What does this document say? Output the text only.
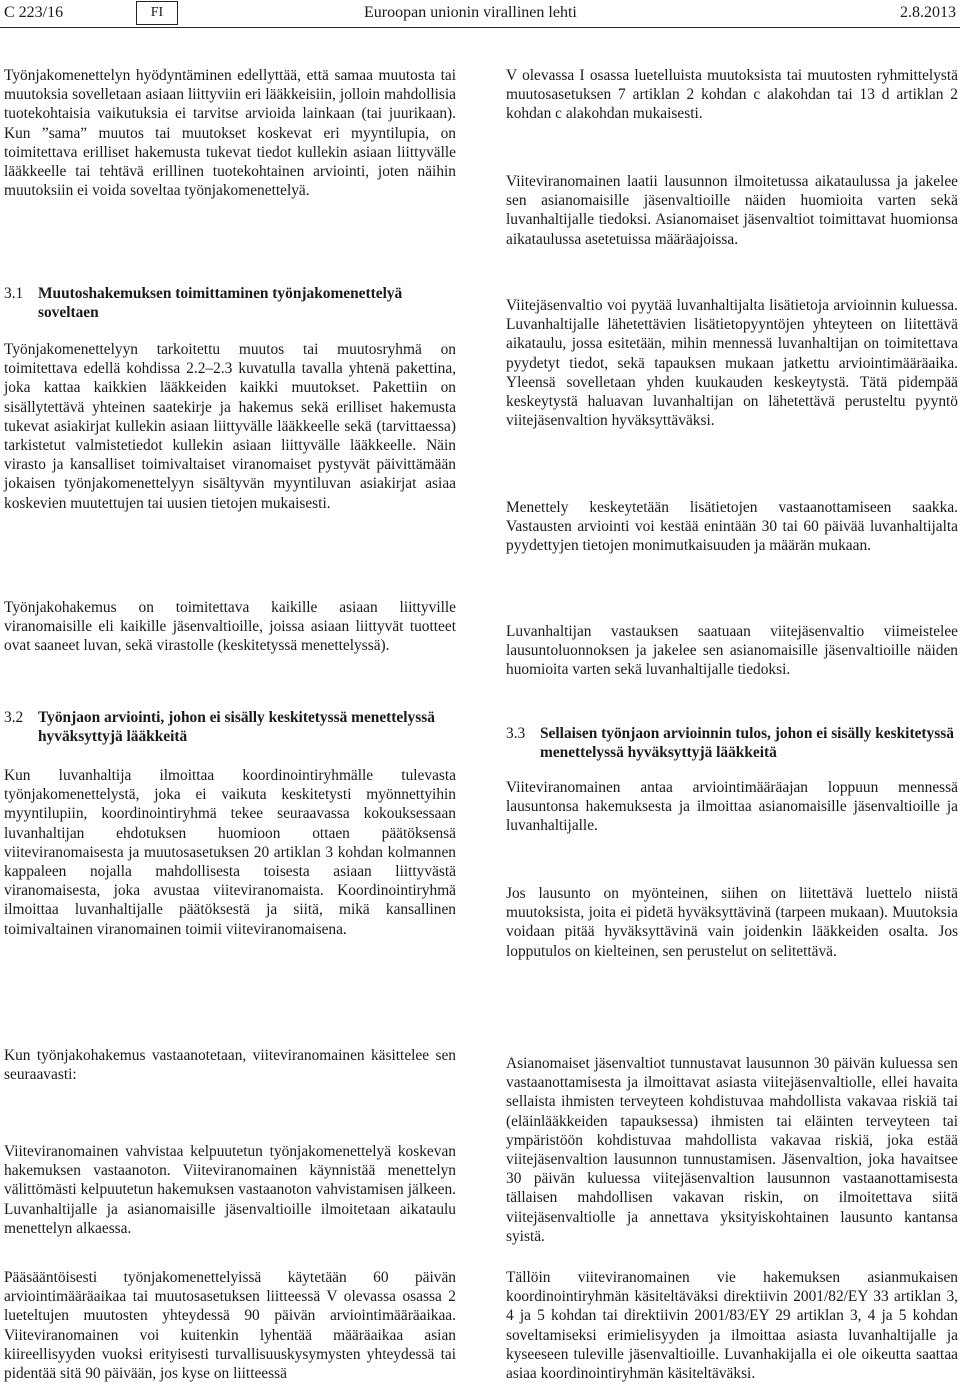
C 223/16	FI	Euroopan unionin virallinen lehti	2.8.2013

Työnjakomenettelyn hyödyntäminen edellyttää, että samaa muutosta tai muutoksia sovelletaan asiaan liittyviin eri lääkkeisiin, jolloin mahdollisia tuotekohtaisia vaikutuksia ei tarvitse arvioida lainkaan (tai juurikaan). Kun ”sama” muutos tai muutokset koskevat eri myyntilupia, on toimitettava erilliset hakemusta tukevat tiedot kullekin asiaan liittyvälle lääkkeelle tai tehtävä erillinen tuotekohtainen arviointi, joten näihin muutoksiin ei voida soveltaa työnjakomenettelyä.

3.1 Muutoshakemuksen toimittaminen työnjakomenettelyä soveltaen

Työnjakomenettelyyn tarkoitettu muutos tai muutosryhmä on toimitettava edellä kohdissa 2.2–2.3 kuvatulla tavalla yhtenä pakettina, joka kattaa kaikkien lääkkeiden kaikki muutokset. Pakettiin on sisällytettävä yhteinen saatekirje ja hakemus sekä erilliset hakemusta tukevat asiakirjat kullekin asiaan liittyvälle lääkkeelle sekä (tarvittaessa) tarkistetut valmistetiedot kullekin asiaan liittyvälle lääkkeelle. Näin virasto ja kansalliset toimivaltaiset viranomaiset pystyvät päivittämään jokaisen työnjakomenettelyyn sisältyvän myyntiluvan asiakirjat asiaa koskevien muutettujen tai uusien tietojen mukaisesti.

Työnjakohakemus on toimitettava kaikille asiaan liittyville viranomaisille eli kaikille jäsenvaltioille, joissa asiaan liittyvät tuotteet ovat saaneet luvan, sekä virastolle (keskitetyssä menettelyssä).

3.2 Työnjaon arviointi, johon ei sisälly keskitetyssä menettelyssä hyväksyttyjä lääkkeitä

Kun luvanhaltija ilmoittaa koordinointiryhmälle tulevasta työnjakomenettelystä, joka ei vaikuta keskitetysti myönnettyihin myyntilupiin, koordinointiryhmä tekee seuraavassa kokouksessaan luvanhaltijan ehdotuksen huomioon ottaen päätöksensä viiteviranomaisesta ja muutosasetuksen 20 artiklan 3 kohdan kolmannen kappaleen nojalla mahdollisesta toisesta asiaan liittyvästä viranomaisesta, joka avustaa viiteviranomaista. Koordinointiryhmä ilmoittaa luvanhaltijalle päätöksestä ja siitä, mikä kansallinen toimivaltainen viranomainen toimii viiteviranomaisena.

Kun työnjakohakemus vastaanotetaan, viiteviranomainen käsittelee sen seuraavasti:

Viiteviranomainen vahvistaa kelpuutetun työnjakomenettelyä koskevan hakemuksen vastaanoton. Viiteviranomainen käynnistää menettelyn välittömästi kelpuutetun hakemuksen vastaanoton vahvistamisen jälkeen. Luvanhaltijalle ja asianomaisille jäsenvaltioille ilmoitetaan aikataulu menettelyn alkaessa.

Pääsääntöisesti työnjakomenettelyissä käytetään 60 päivän arviointimääräaikaa tai muutosasetuksen liitteessä V olevassa osassa 2 lueteltujen muutosten yhteydessä 90 päivän arviointimääräaikaa. Viiteviranomainen voi kuitenkin lyhentää määräaikaa asian kiireellisyyden vuoksi erityisesti turvallisuuskysymysten yhteydessä tai pidentää sitä 90 päivään, jos kyse on liitteessä

V olevassa I osassa luetelluista muutoksista tai muutosten ryhmittelystä muutosasetuksen 7 artiklan 2 kohdan c alakohdan tai 13 d artiklan 2 kohdan c alakohdan mukaisesti.

Viiteviranomainen laatii lausunnon ilmoitetussa aikataulussa ja jakelee sen asianomaisille jäsenvaltioille näiden huomioita varten sekä luvanhaltijalle tiedoksi. Asianomaiset jäsenvaltiot toimittavat huomionsa aikataulussa asetetuissa määräajoissa.

Viitejäsenvaltio voi pyytää luvanhaltijalta lisätietoja arvioinnin kuluessa. Luvanhaltijalle lähetettävien lisätietopyyntöjen yhteyteen on liitettävä aikataulu, jossa esitetään, mihin mennessä luvanhaltijan on toimitettava pyydetyt tiedot, sekä tapauksen mukaan jatkettu arviointimääräaika. Yleensä sovelletaan yhden kuukauden keskeytystä. Tätä pidempää keskeytystä haluavan luvanhaltijan on lähetettävä perusteltu pyyntö viitejäsenvaltion hyväksyttäväksi.

Menettely keskeytetään lisätietojen vastaanottamiseen saakka. Vastausten arviointi voi kestää enintään 30 tai 60 päivää luvanhaltijalta pyydettyjen tietojen monimutkaisuuden ja määrän mukaan.

Luvanhaltijan vastauksen saatuaan viitejäsenvaltio viimeistelee lausuntoluonnoksen ja jakelee sen asianomaisille jäsenvaltioille näiden huomioita varten sekä luvanhaltijalle tiedoksi.

3.3 Sellaisen työnjaon arvioinnin tulos, johon ei sisälly keskitetyssä menettelyssä hyväksyttyjä lääkkeitä

Viiteviranomainen antaa arviointimääräajan loppuun mennessä lausuntonsa hakemuksesta ja ilmoittaa asianomaisille jäsenvaltioille ja luvanhaltijalle.

Jos lausunto on myönteinen, siihen on liitettävä luettelo niistä muutoksista, joita ei pidetä hyväksyttävinä (tarpeen mukaan). Muutoksia voidaan pitää hyväksyttävinä vain joidenkin lääkkeiden osalta. Jos lopputulos on kielteinen, sen perustelut on selitettävä.

Asianomaiset jäsenvaltiot tunnustavat lausunnon 30 päivän kuluessa sen vastaanottamisesta ja ilmoittavat asiasta viitejäsenvaltiolle, ellei havaita sellaista ihmisten terveyteen kohdistuvaa mahdollista vakavaa riskiä tai (eläinlääkkeiden tapauksessa) ihmisten tai eläinten terveyteen tai ympäristöön kohdistuvaa mahdollista vakavaa riskiä, joka estää viitejäsenvaltion lausunnon tunnustamisen. Jäsenvaltion, joka havaitsee 30 päivän kuluessa viitejäsenvaltion lausunnon vastaanottamisesta tällaisen mahdollisen vakavan riskin, on ilmoitettava siitä viitejäsenvaltiolle ja annettava yksityiskohtainen lausunto kantansa syistä.

Tällöin viiteviranomainen vie hakemuksen asianmukaisen koordinointiryhmän käsiteltäväksi direktiivin 2001/82/EY 33 artiklan 3, 4 ja 5 kohdan tai direktiivin 2001/83/EY 29 artiklan 3, 4 ja 5 kohdan soveltamiseksi erimielisyyden ja ilmoittaa asiasta luvanhaltijalle ja kyseeseen tuleville jäsenvaltioille. Luvanhakijalla ei ole oikeutta saattaa asiaa koordinointiryhmän käsiteltäväksi.
